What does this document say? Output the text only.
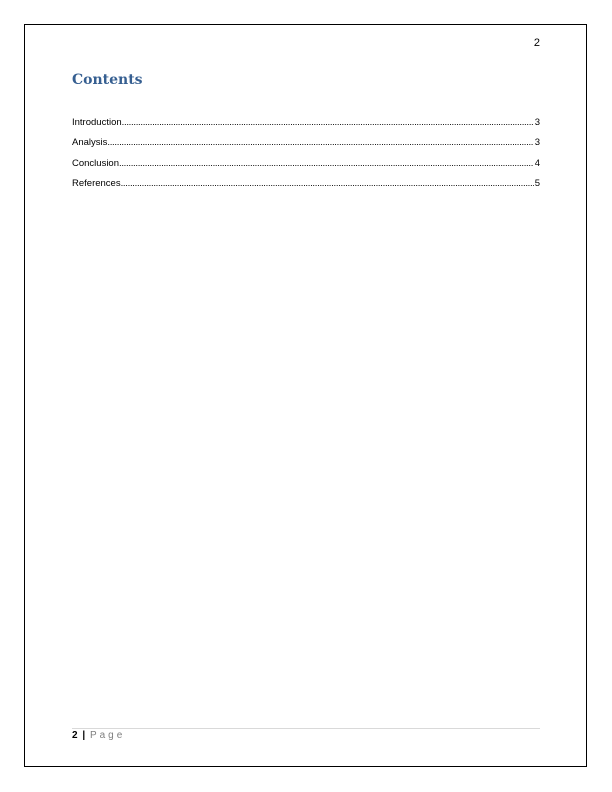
2
Contents
Introduction .....	3
Analysis .....	3
Conclusion .....	4
References .....	5
2 | Page
